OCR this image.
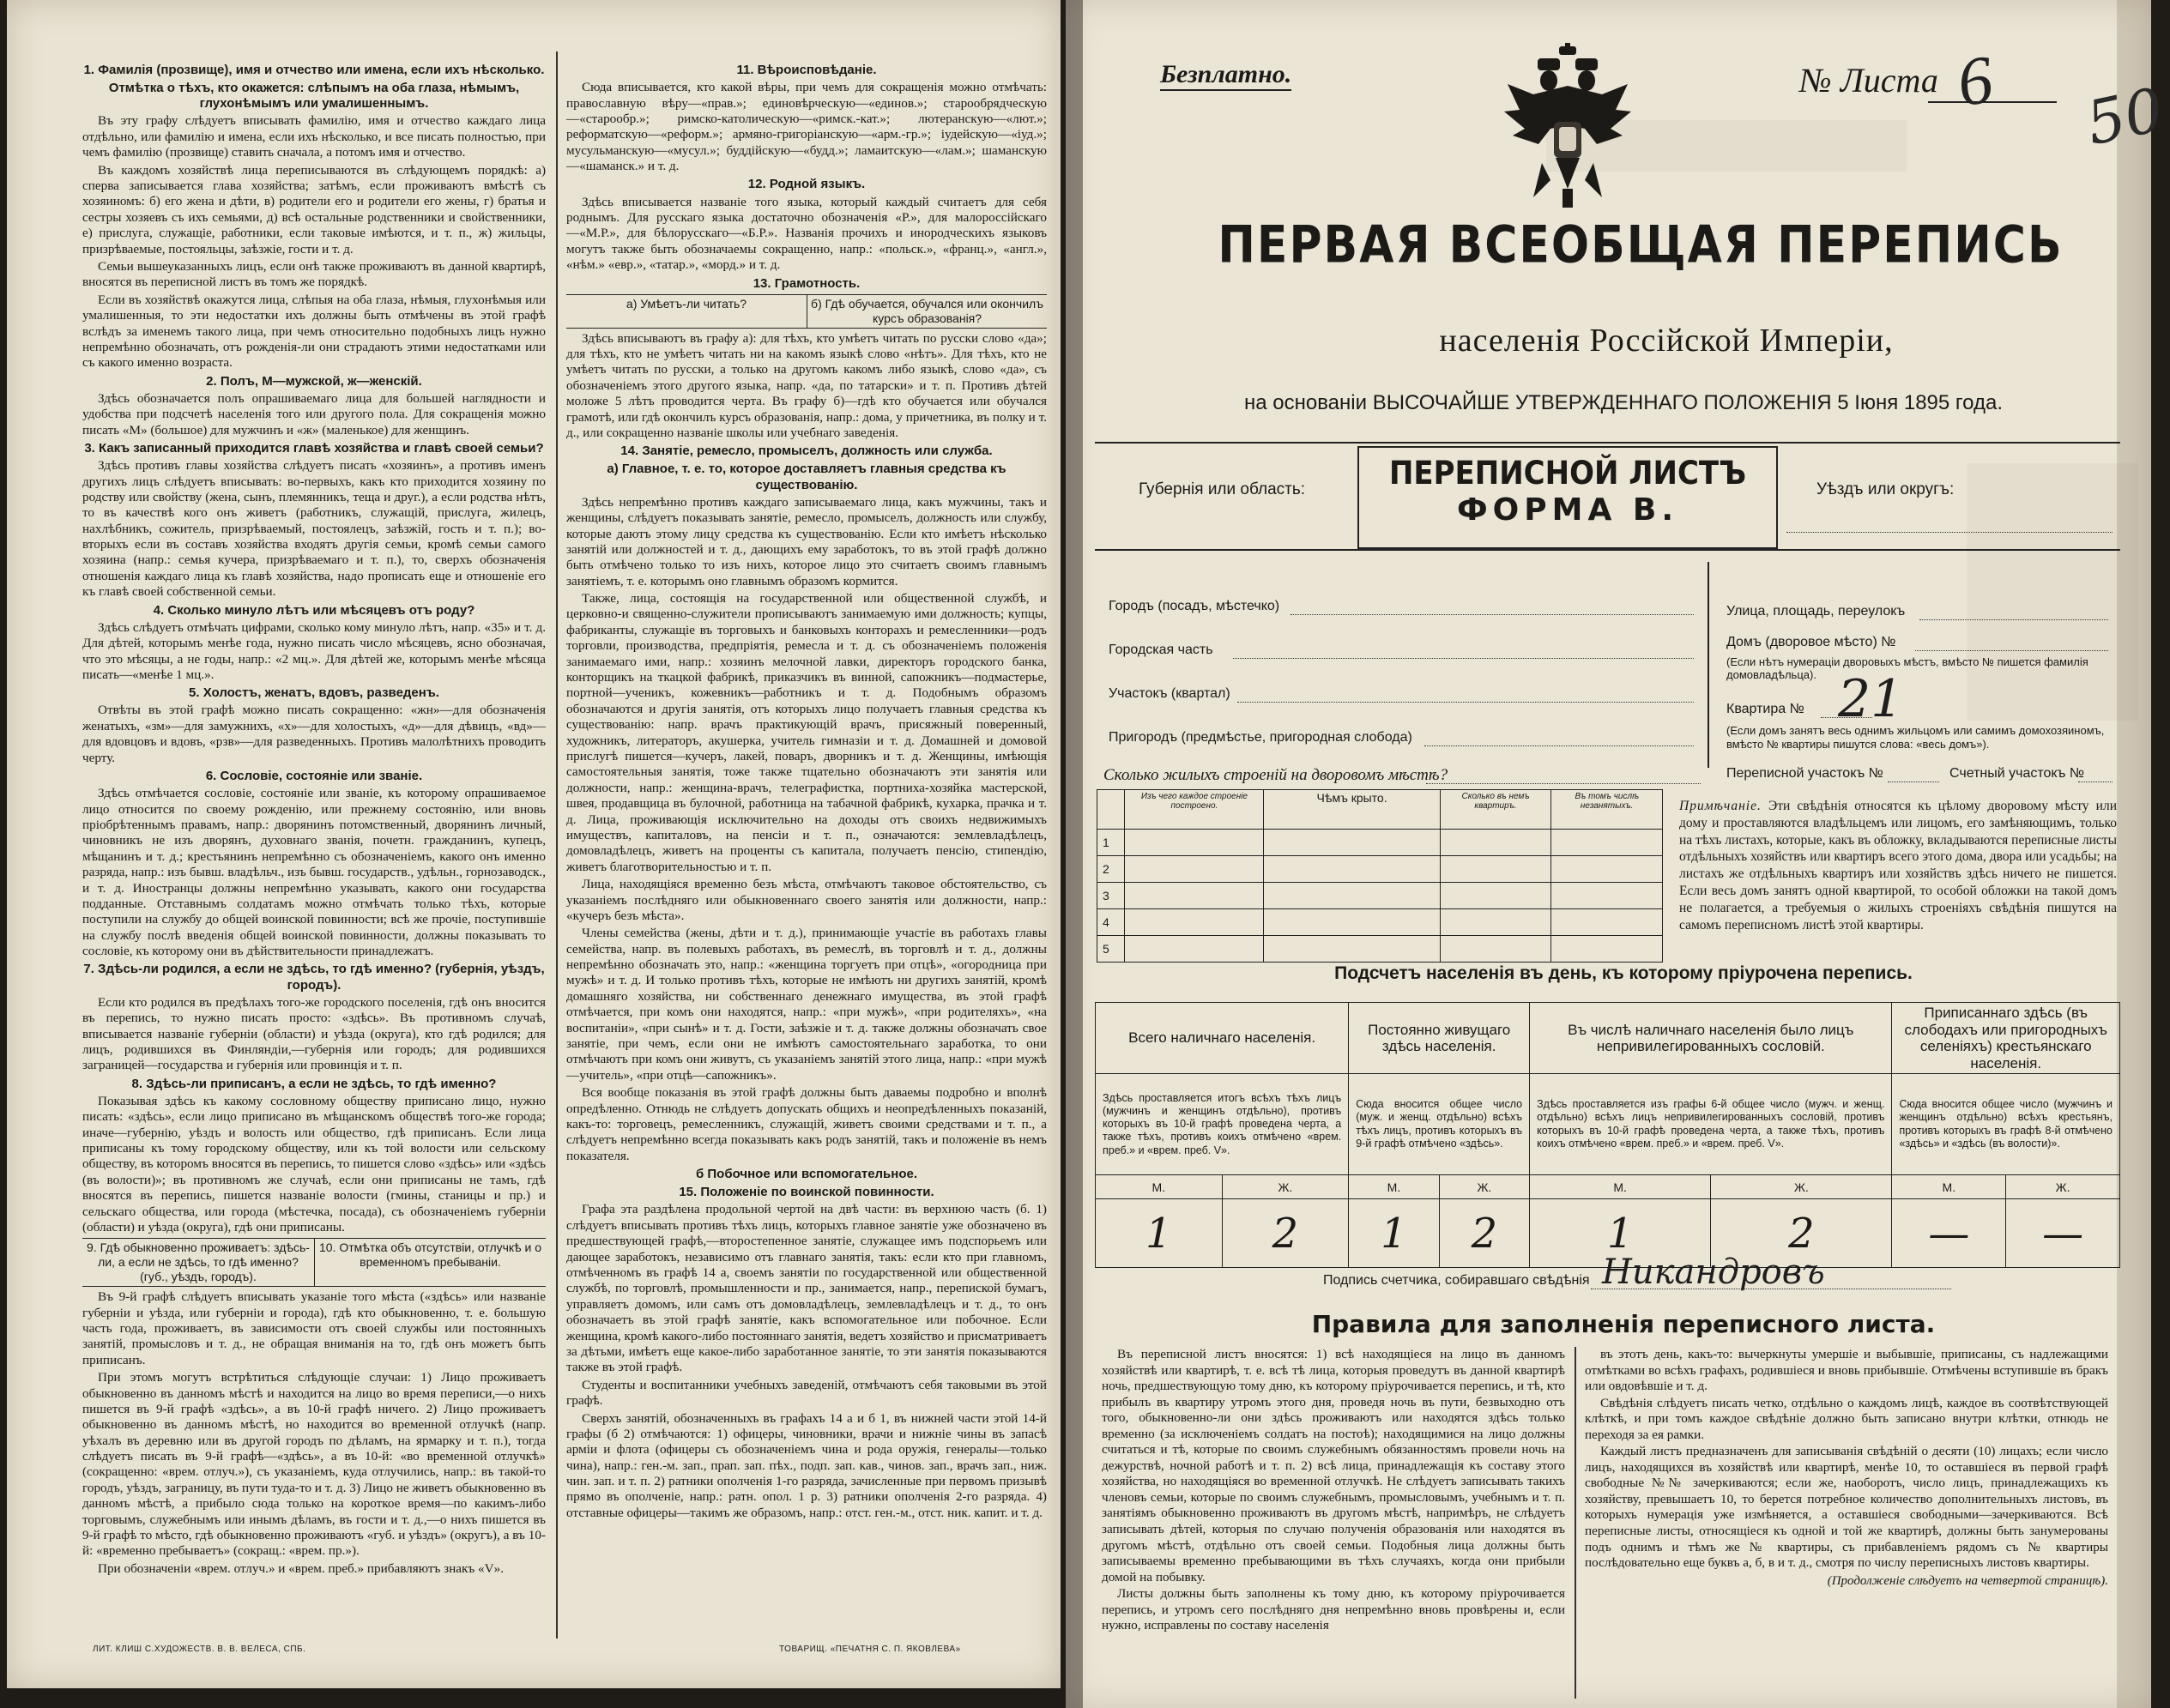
1. Фамилія (прозвище), имя и отчество или имена, если ихъ нѣсколько.
Отмѣтка о тѣхъ, кто окажется: слѣпымъ на оба глаза, нѣмымъ, глухонѣмымъ или умалишеннымъ.

Въ эту графу слѣдуетъ вписывать фамилію, имя и отчество каждаго лица отдѣльно, или фамилію и имена, если ихъ нѣсколько, и все писать полностью, при чемъ фамилію (прозвище) ставить сначала, а потомъ имя и отчество.

Въ каждомъ хозяйствѣ лица переписываются въ слѣдующемъ порядкѣ: а) сперва записывается глава хозяйства; затѣмъ, если проживаютъ вмѣстѣ съ хозяиномъ: б) его жена и дѣти, в) родители его и родители его жены, г) братья и сестры хозяевъ съ ихъ семьями, д) всѣ остальные родственники и свойственники, е) прислуга, служащіе, работники, если таковые имѣются, и т. п., ж) жильцы, призрѣваемые, постояльцы, заѣзжіе, гости и т. д.

Семьи вышеуказанныхъ лицъ, если онѣ также проживаютъ въ данной квартирѣ, вносятся въ переписной листъ въ томъ же порядкѣ.

Если въ хозяйствѣ окажутся лица, слѣпыя на оба глаза, нѣмыя, глухонѣмыя или умалишенныя, то эти недостатки ихъ должны быть отмѣчены въ этой графѣ вслѣдъ за именемъ такого лица, при чемъ относительно подобныхъ лицъ нужно непремѣнно обозначать, отъ рожденія-ли они страдаютъ этими недостатками или съ какого именно возраста.

2. Полъ, М—мужской, ж—женскій.

Здѣсь обозначается полъ опрашиваемаго лица для большей наглядности и удобства при подсчетѣ населенія того или другого пола. Для сокращенія можно писать «М» (большое) для мужчинъ и «ж» (маленькое) для женщинъ.

3. Какъ записанный приходится главѣ хозяйства и главѣ своей семьи?

Здѣсь противъ главы хозяйства слѣдуетъ писать «хозяинъ», а противъ именъ другихъ лицъ слѣдуетъ вписывать: во-первыхъ, какъ кто приходится хозяину по родству или свойству (жена, сынъ, племянникъ, теща и друг.), а если родства нѣтъ, то въ качествѣ кого онъ живетъ (работникъ, служащій, прислуга, жилецъ, нахлѣбникъ, сожитель, призрѣваемый, постоялецъ, заѣзжій, гость и т. п.); во-вторыхъ если въ составъ хозяйства входятъ другія семьи, кромѣ семьи самого хозяина (напр.: семья кучера, призрѣваемаго и т. п.), то, сверхъ обозначенія отношенія каждаго лица къ главѣ хозяйства, надо прописать еще и отношеніе его къ главѣ своей собственной семьи.

4. Сколько минуло лѣтъ или мѣсяцевъ отъ роду?

Здѣсь слѣдуетъ отмѣчать цифрами, сколько кому минуло лѣтъ, напр. «35» и т. д. Для дѣтей, которымъ менѣе года, нужно писать число мѣсяцевъ, ясно обозначая, что это мѣсяцы, а не годы, напр.: «2 мц.». Для дѣтей же, которымъ менѣе мѣсяца писать—«менѣе 1 мц.».

5. Холостъ, женатъ, вдовъ, разведенъ.

Отвѣты въ этой графѣ можно писать сокращенно: «жн»—для обозначенія женатыхъ, «зм»—для замужнихъ, «х»—для холостыхъ, «д»—для дѣвицъ, «вд»—для вдовцовъ и вдовъ, «рзв»—для разведенныхъ. Противъ малолѣтнихъ проводить черту.

6. Сословіе, состояніе или званіе.

Здѣсь отмѣчается сословіе, состояніе или званіе, къ которому опрашиваемое лицо относится по своему рожденію, или прежнему состоянію, или вновь пріобрѣтеннымъ правамъ, напр.: дворянинъ потомственный, дворянинъ личный, чиновникъ не изъ дворянъ, духовнаго званія, почетн. гражданинъ, купецъ, мѣщанинъ и т. д.; крестьянинъ непремѣнно съ обозначеніемъ, какого онъ именно разряда, напр.: изъ бывш. владѣльч., изъ бывш. государств., удѣльн., горнозаводск., и т. д. Иностранцы должны непремѣнно указывать, какого они государства подданные. Отставнымъ солдатамъ можно отмѣчать только тѣхъ, которые поступили на службу до общей воинской повинности; всѣ же прочіе, поступившіе на службу послѣ введенія общей воинской повинности, должны показывать то сословіе, къ которому они въ дѣйствительности принадлежатъ.

7. Здѣсь-ли родился, а если не здѣсь, то гдѣ именно? (губернія, уѣздъ, городъ).

Если кто родился въ предѣлахъ того-же городского поселенія, гдѣ онъ вносится въ перепись, то нужно писать просто: «здѣсь». Въ противномъ случаѣ, вписывается названіе губерніи (области) и уѣзда (округа), кто гдѣ родился; для лицъ, родившихся въ Финляндіи,—губернія или городъ; для родившихся заграницей—государства и губернія или провинція и т. п.

8. Здѣсь-ли приписанъ, а если не здѣсь, то гдѣ именно?

Показывая здѣсь къ какому сословному обществу приписано лицо, нужно писать: «здѣсь», если лицо приписано въ мѣщанскомъ обществѣ того-же города; иначе—губернію, уѣздъ и волость или общество, гдѣ приписанъ. Если лица приписаны къ тому городскому обществу, или къ той волости или сельскому обществу, въ которомъ вносятся въ перепись, то пишется слово «здѣсь» или «здѣсь (въ волости)»; въ противномъ же случаѣ, если они приписаны не тамъ, гдѣ вносятся въ перепись, пишется названіе волости (гмины, станицы и пр.) и сельскаго общества, или города (мѣстечка, посада), съ обозначеніемъ губерніи (области) и уѣзда (округа), гдѣ они приписаны.

9. Гдѣ обыкновенно проживаетъ: здѣсь-ли, а если не здѣсь, то гдѣ именно? (губ., уѣздъ, городъ).
10. Отмѣтка объ отсутствіи, отлучкѣ и о временномъ пребываніи.

Въ 9-й графѣ слѣдуетъ вписывать указаніе того мѣста («здѣсь» или названіе губерніи и уѣзда, или губерніи и города), гдѣ кто обыкновенно, т. е. большую часть года, проживаетъ, въ зависимости отъ своей службы или постоянныхъ занятій, промысловъ и т. д., не обращая вниманія на то, гдѣ онъ можетъ быть приписанъ.

При этомъ могутъ встрѣтиться слѣдующіе случаи: 1) Лицо проживаетъ обыкновенно въ данномъ мѣстѣ и находится на лицо во время переписи,—о нихъ пишется въ 9-й графѣ «здѣсь», а въ 10-й графѣ ничего. 2) Лицо проживаетъ обыкновенно въ данномъ мѣстѣ, но находится во временной отлучкѣ (напр. уѣхалъ въ деревню или въ другой городъ по дѣламъ, на ярмарку и т. п.), тогда слѣдуетъ писать въ 9-й графѣ—«здѣсь», а въ 10-й: «во временной отлучкѣ» (сокращенно: «врем. отлуч.»), съ указаніемъ, куда отлучились, напр.: въ такой-то городъ, уѣздъ, заграницу, въ пути туда-то и т. д. 3) Лицо не живетъ обыкновенно въ данномъ мѣстѣ, а прибыло сюда только на короткое время—по какимъ-либо торговымъ, служебнымъ или инымъ дѣламъ, въ гости и т. д.,—о нихъ пишется въ 9-й графѣ то мѣсто, гдѣ обыкновенно проживаютъ «губ. и уѣздъ» (округъ), а въ 10-й: «временно пребываетъ» (сокращ.: «врем. пр.»).

При обозначеніи «врем. отлуч.» и «врем. преб.» прибавляютъ знакъ «V».

11. Вѣроисповѣданіе.

Сюда вписывается, кто какой вѣры, при чемъ для сокращенія можно отмѣчать: православную вѣру—«прав.»; единовѣрческую—«единов.»; старообрядческую—«старообр.»; римско-католическую—«римск.-кат.»; лютеранскую—«лют.»; реформатскую—«реформ.»; армяно-григоріанскую—«арм.-гр.»; іудейскую—«іуд.»; мусульманскую—«мусул.»; буддійскую—«будд.»; ламаитскую—«лам.»; шаманскую—«шаманск.» и т. д.

12. Родной языкъ.

Здѣсь вписывается названіе того языка, который каждый считаетъ для себя роднымъ. Для русскаго языка достаточно обозначенія «Р.», для малороссійскаго—«М.Р.», для бѣлорусскаго—«Б.Р.». Названія прочихъ и инородческихъ языковъ могутъ также быть обозначаемы сокращенно, напр.: «польск.», «франц.», «англ.», «нѣм.» «евр.», «татар.», «морд.» и т. д.

13. Грамотность.
а) Умѣетъ-ли читать?	б) Гдѣ обучается, обучался или окончилъ курсъ образованія?

Здѣсь вписываютъ въ графу а): для тѣхъ, кто умѣетъ читать по русски слово «да»; для тѣхъ, кто не умѣетъ читать ни на какомъ языкѣ слово «нѣтъ». Для тѣхъ, кто не умѣетъ читать по русски, а только на другомъ какомъ либо языкѣ, слово «да», съ обозначеніемъ этого другого языка, напр. «да, по татарски» и т. п. Противъ дѣтей моложе 5 лѣтъ проводится черта. Въ графу б)—гдѣ кто обучается или обучался грамотѣ, или гдѣ окончилъ курсъ образованія, напр.: дома, у причетника, въ полку и т. д., или сокращенно названіе школы или учебнаго заведенія.

14. Занятіе, ремесло, промыселъ, должность или служба.
а) Главное, т. е. то, которое доставляетъ главныя средства къ существованію.

Здѣсь непремѣнно противъ каждаго записываемаго лица, какъ мужчины, такъ и женщины, слѣдуетъ показывать занятіе, ремесло, промыселъ, должность или службу, которые даютъ этому лицу средства къ существованію. Если кто имѣетъ нѣсколько занятій или должностей и т. д., дающихъ ему заработокъ, то въ этой графѣ должно быть отмѣчено только то изъ нихъ, которое лицо это считаетъ своимъ главнымъ занятіемъ, т. е. которымъ оно главнымъ образомъ кормится.

Также, лица, состоящія на государственной или общественной службѣ, и церковно-и священно-служители прописываютъ занимаемую ими должность; купцы, фабриканты, служащіе въ торговыхъ и банковыхъ конторахъ и ремесленники—родъ торговли, производства, предпріятія, ремесла и т. д. съ обозначеніемъ положенія занимаемаго ими, напр.: хозяинъ мелочной лавки, директоръ городского банка, конторщикъ на ткацкой фабрикѣ, приказчикъ въ винной, сапожникъ—подмастерье, портной—ученикъ, кожевникъ—работникъ и т. д. Подобнымъ образомъ обозначаются и другія занятія, отъ которыхъ лицо получаетъ главныя средства къ существованію: напр. врачъ практикующій врачъ, присяжный поверенный, художникъ, литераторъ, акушерка, учитель гимназіи и т. д. Домашней и домовой прислугѣ пишется—кучеръ, лакей, поваръ, дворникъ и т. д. Женщины, имѣющія самостоятельныя занятія, тоже также тщательно обозначаютъ эти занятія или должности, напр.: женщина-врачъ, телеграфистка, портниха-хозяйка мастерской, швея, продавщица въ булочной, работница на табачной фабрикѣ, кухарка, прачка и т. д. Лица, проживающія исключительно на доходы отъ своихъ недвижимыхъ имуществъ, капиталовъ, на пенсіи и т. п., означаются: землевладѣлецъ, домовладѣлецъ, живетъ на проценты съ капитала, получаетъ пенсію, стипендію, живетъ благотворительностью и т. п.

Лица, находящіяся временно безъ мѣста, отмѣчаютъ таковое обстоятельство, съ указаніемъ послѣдняго или обыкновеннаго своего занятія или должности, напр.: «кучеръ безъ мѣста».

Члены семейства (жены, дѣти и т. д.), принимающіе участіе въ работахъ главы семейства, напр. въ полевыхъ работахъ, въ ремеслѣ, въ торговлѣ и т. д., должны непремѣнно обозначать это, напр.: «женщина торгуетъ при отцѣ», «огородница при мужѣ» и т. д. И только противъ тѣхъ, которые не имѣютъ ни другихъ занятій, кромѣ домашняго хозяйства, ни собственнаго денежнаго имущества, въ этой графѣ отмѣчается, при комъ они находятся, напр.: «при мужѣ», «при родителяхъ», «на воспитаніи», «при сынѣ» и т. д. Гости, заѣзжіе и т. д. также должны обозначать свое занятіе, при чемъ, если они не имѣютъ самостоятельнаго заработка, то они отмѣчаютъ при комъ они живутъ, съ указаніемъ занятій этого лица, напр.: «при мужѣ—учитель», «при отцѣ—сапожникъ».

Вся вообще показанія въ этой графѣ должны быть даваемы подробно и вполнѣ опредѣленно. Отнюдь не слѣдуетъ допускать общихъ и неопредѣленныхъ показаній, какъ-то: торговецъ, ремесленникъ, служащій, живетъ своими средствами и т. п., а слѣдуетъ непремѣнно всегда показывать какъ родъ занятій, такъ и положеніе въ немъ показателя.

б Побочное или вспомогательное.
15. Положеніе по воинской повинности.

Графа эта раздѣлена продольной чертой на двѣ части: въ верхнюю часть (б. 1) слѣдуетъ вписывать противъ тѣхъ лицъ, которыхъ главное занятіе уже обозначено въ предшествующей графѣ,—второстепенное занятіе, служащее имъ подспорьемъ или дающее заработокъ, независимо отъ главнаго занятія, такъ: если кто при главномъ, отмѣченномъ въ графѣ 14 а, своемъ занятіи по государственной или общественной службѣ, по торговлѣ, промышленности и пр., занимается, напр., перепиской бумагъ, управляетъ домомъ, или самъ отъ домовладѣлецъ, землевладѣлецъ и т. д., то онъ обозначаетъ въ этой графѣ занятіе, какъ вспомогательное или побочное. Если женщина, кромѣ какого-либо постояннаго занятія, ведетъ хозяйство и присматриваетъ за дѣтьми, имѣетъ еще какое-либо заработанное занятіе, то эти занятія показываются также въ этой графѣ.

Студенты и воспитанники учебныхъ заведеній, отмѣчаютъ себя таковыми въ этой графѣ.

Сверхъ занятій, обозначенныхъ въ графахъ 14 а и б 1, въ нижней части этой 14-й графы (б 2) отмѣчаются: 1) офицеры, чиновники, врачи и нижніе чины въ запасѣ арміи и флота (офицеры съ обозначеніемъ чина и рода оружія, генералы—только чина), напр.: ген.-м. зап., прап. зап. пѣх., подп. зап. кав., чинов. зап., врачъ зап., ниж. чин. зап. и т. п. 2) ратники ополченія 1-го разряда, зачисленные при первомъ призывѣ прямо въ ополченіе, напр.: ратн. опол. 1 р. 3) ратники ополченія 2-го разряда. 4) отставные офицеры—такимъ же образомъ, напр.: отст. ген.-м., отст. ник. капит. и т. д.

ЛИТ. КЛИШ С.ХУДОЖЕСТВ. В. В. ВЕЛЕСА, СПБ.	ТОВАРИЩ. «ПЕЧАТНЯ С. П. ЯКОВЛЕВА»
Безплатно.	№ Листа 6 50
ПЕРВАЯ ВСЕОБЩАЯ ПЕРЕПИСЬ
населенія Россійской Имперіи,
на основаніи ВЫСОЧАЙШЕ УТВЕРЖДЕННАГО ПОЛОЖЕНІЯ 5 Іюня 1895 года.
Губернія или область:	Уѣздъ или округъ:
ПЕРЕПИСНОЙ ЛИСТЪ
ФОРМА В.
Городъ (посадъ, мѣстечко)
Городская часть
Участокъ (квартал)
Пригородъ (предмѣстье, пригородная слобода)
Улица, площадь, переулокъ
Домъ (дворовое мѣсто) №
(Если нѣтъ нумераціи дворовыхъ мѣстъ, вмѣсто № пишется фамилія домовладѣльца).
Квартира № 21
(Если домъ занятъ весь однимъ жильцомъ или самимъ домохозяиномъ, вмѣсто № квартиры пишутся слова: «весь домъ»).
Переписной участокъ №	Счетный участокъ №
Сколько жилыхъ строеній на дворовомъ мѣстѣ?
	Изъ чего каждое строеніе построено.	Чѣмъ крыто.	Сколько въ немъ квартиръ.	Въ томъ числѣ незанятыхъ.
1				
2				
3				
4				
5				
Примѣчаніе. Эти свѣдѣнія относятся къ цѣлому дворовому мѣсту или дому и проставляются владѣльцемъ или лицомъ, его замѣняющимъ, только на тѣхъ листахъ, которые, какъ въ обложку, вкладываются переписные листы отдѣльныхъ хозяйствъ или квартиръ всего этого дома, двора или усадьбы; на листахъ же отдѣльныхъ квартиръ или хозяйствъ здѣсь ничего не пишется. Если весь домъ занятъ одной квартирой, то особой обложки на такой домъ не полагается, а требуемыя о жилыхъ строеніяхъ свѣдѣнія пишутся на самомъ переписномъ листѣ этой квартиры.
Подсчетъ населенія въ день, къ которому пріурочена перепись.
Всего наличнаго населенія.		Постоянно живущаго здѣсь населенія.		Въ числѣ наличнаго населенія было лицъ непривилегированныхъ сословій.		Приписаннаго здѣсь (въ слободахъ или пригородныхъ селеніяхъ) крестьянскаго населенія.	
Здѣсь проставляется итогъ всѣхъ тѣхъ лицъ (мужчинъ и женщинъ отдѣльно), противъ которыхъ въ 10-й графѣ проведена черта, а также тѣхъ, противъ коихъ отмѣчено «врем. преб.» и «врем. преб. V».		Сюда вносится общее число (муж. и женщ. отдѣльно) всѣхъ тѣхъ лицъ, противъ которыхъ въ 9-й графѣ отмѣчено «здѣсь».		Здѣсь проставляется изъ графы 6-й общее число (мужч. и женщ. отдѣльно) всѣхъ лицъ непривилегированныхъ сословій, противъ которыхъ въ 10-й графѣ проведена черта, а также тѣхъ, противъ коихъ отмѣчено «врем. преб.» и «врем. преб. V».		Сюда вносится общее число (мужчинъ и женщинъ отдѣльно) всѣхъ крестьянъ, противъ которыхъ въ графѣ 8-й отмѣчено «здѣсь» и «здѣсь (въ волости)».	
М.	Ж.	М.	Ж.	М.	Ж.	М.	Ж.
1	2	1	2	1	2	—	—
Подпись счетчика, собиравшаго свѣдѣнія Никандровъ
Правила для заполненія переписного листа.

Въ переписной листъ вносятся: 1) всѣ находящіеся на лицо въ данномъ хозяйствѣ или квартирѣ, т. е. всѣ тѣ лица, которыя проведутъ въ данной квартирѣ ночь, предшествующую тому дню, къ которому пріурочивается перепись, и тѣ, кто прибылъ въ квартиру утромъ этого дня, проведя ночь въ пути, безвыходно отъ того, обыкновенно-ли они здѣсь проживаютъ или находятся здѣсь только временно (за исключеніемъ солдатъ на постоѣ); находящимися на лицо должны считаться и тѣ, которые по своимъ служебнымъ обязанностямъ провели ночь на дежурствѣ, ночной работѣ и т. п. 2) всѣ лица, принадлежащія къ составу этого хозяйства, но находящіяся во временной отлучкѣ. Не слѣдуетъ записывать такихъ членовъ семьи, которые по своимъ служебнымъ, промысловымъ, учебнымъ и т. п. занятіямъ обыкновенно проживаютъ въ другомъ мѣстѣ, напримѣръ, не слѣдуетъ записывать дѣтей, которыя по случаю полученія образованія или находятся въ другомъ мѣстѣ, отдѣльно отъ своей семьи. Подобныя лица должны быть записываемы временно пребывающими въ тѣхъ случаяхъ, когда они прибыли домой на побывку.

Листы должны быть заполнены къ тому дню, къ которому пріурочивается перепись, и утромъ сего послѣдняго дня непремѣнно вновь провѣрены и, если нужно, исправлены по составу населенія

въ этотъ день, какъ-то: вычеркнуты умершіе и выбывшіе, приписаны, съ надлежащими отмѣтками во всѣхъ графахъ, родившіеся и вновь прибывшіе. Отмѣчены вступившіе въ бракъ или овдовѣвшіе и т. д.

Свѣдѣнія слѣдуетъ писать четко, отдѣльно о каждомъ лицѣ, каждое въ соотвѣтствующей клѣткѣ, и при томъ каждое свѣдѣніе должно быть записано внутри клѣтки, отнюдь не переходя за ея рамки.

Каждый листъ предназначенъ для записыванія свѣдѣній о десяти (10) лицахъ; если число лицъ, находящихся въ хозяйствѣ или квартирѣ, менѣе 10, то оставшіеся въ первой графѣ свободные №№ зачеркиваются; если же, наоборотъ, число лицъ, принадлежащихъ къ хозяйству, превышаетъ 10, то берется потребное количество дополнительныхъ листовъ, въ которыхъ нумерація уже измѣняется, а оставшіеся свободными—зачеркиваются. Всѣ переписные листы, относящіеся къ одной и той же квартирѣ, должны быть занумерованы подъ однимъ и тѣмъ же № квартиры, съ прибавленіемъ рядомъ съ № квартиры послѣдовательно еще буквъ а, б, в и т. д., смотря по числу переписныхъ листовъ квартиры.

(Продолженіе слѣдуетъ на четвертой страницѣ).
